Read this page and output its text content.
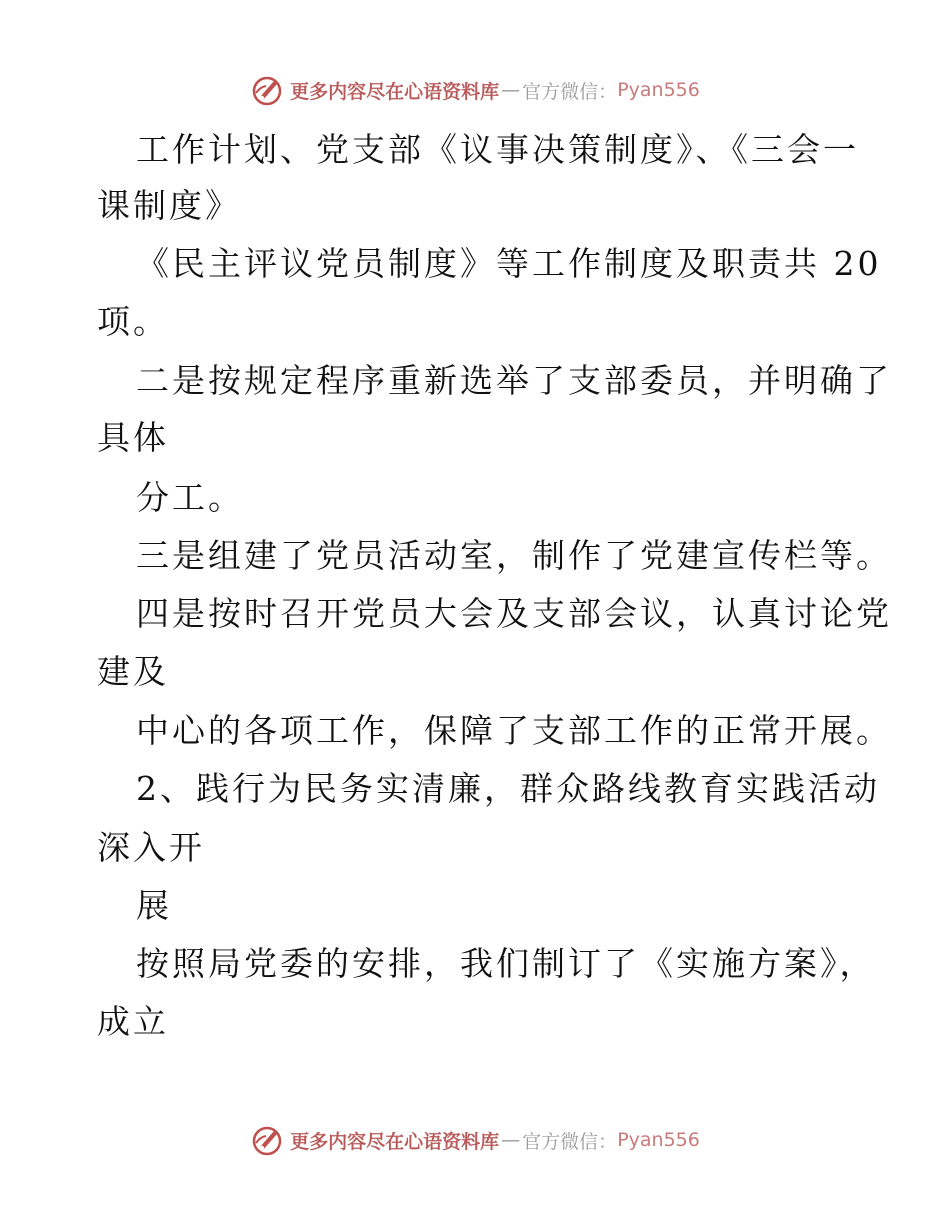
更多内容尽在心语资料库 — 官方微信： Pyan556
工作计划、党支部《议事决策制度》、《三会一
课制度》
《民主评议党员制度》等工作制度及职责共 20
项。
二是按规定程序重新选举了支部委员，并明确了
具体
分工。
三是组建了党员活动室，制作了党建宣传栏等。
四是按时召开党员大会及支部会议，认真讨论党
建及
中心的各项工作，保障了支部工作的正常开展。
2、践行为民务实清廉，群众路线教育实践活动
深入开
展
按照局党委的安排，我们制订了《实施方案》，
成立
更多内容尽在心语资料库 — 官方微信： Pyan556
